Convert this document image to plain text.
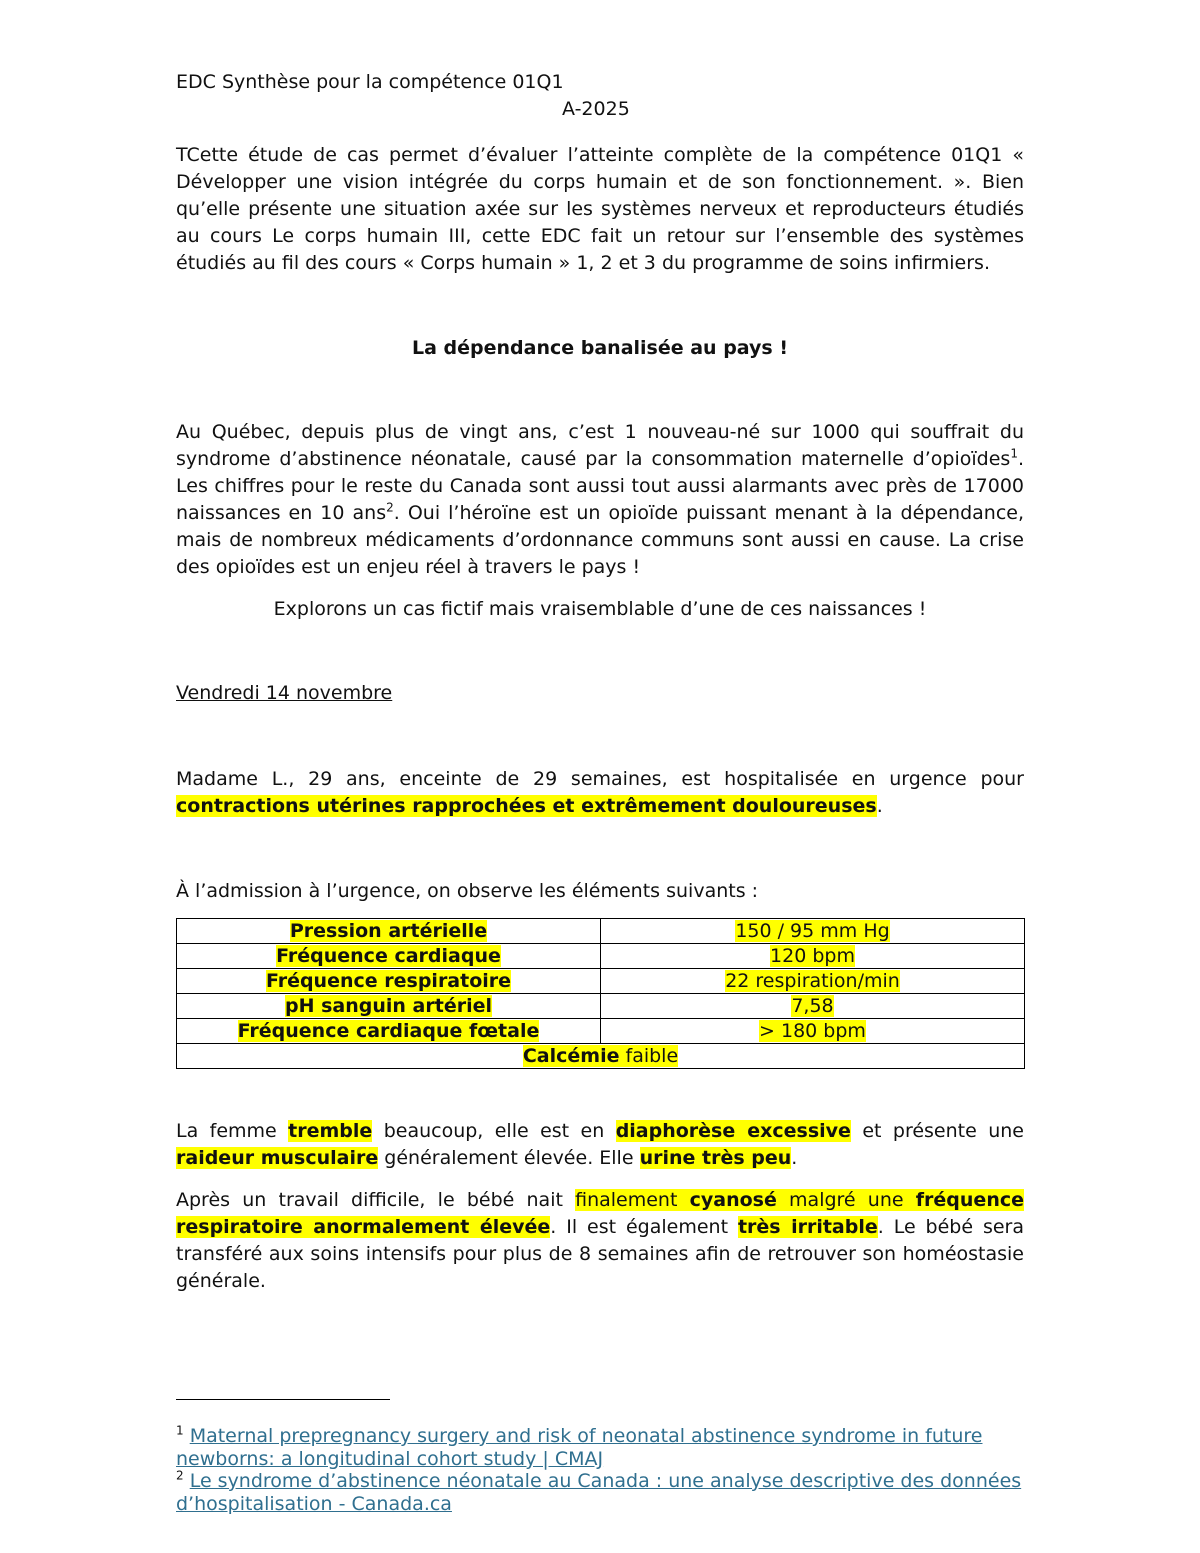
EDC Synthèse pour la compétence 01Q1

A-2025

TCette étude de cas permet d’évaluer l’atteinte complète de la compétence 01Q1 « Développer une vision intégrée du corps humain et de son fonctionnement. ». Bien qu’elle présente une situation axée sur les systèmes nerveux et reproducteurs étudiés au cours Le corps humain III, cette EDC fait un retour sur l’ensemble des systèmes étudiés au fil des cours « Corps humain » 1, 2 et 3 du programme de soins infirmiers.

La dépendance banalisée au pays !

Au Québec, depuis plus de vingt ans, c’est 1 nouveau-né sur 1000 qui souffrait du syndrome d’abstinence néonatale, causé par la consommation maternelle d’opioïdes$^1$. Les chiffres pour le reste du Canada sont aussi tout aussi alarmants avec près de 17000 naissances en 10 ans$^2$. Oui l’héroïne est un opioïde puissant menant à la dépendance, mais de nombreux médicaments d’ordonnance communs sont aussi en cause. La crise des opioïdes est un enjeu réel à travers le pays !

Explorons un cas fictif mais vraisemblable d’une de ces naissances !

Vendredi 14 novembre

Madame L., 29 ans, enceinte de 29 semaines, est hospitalisée en urgence pour contractions utérines rapprochées et extrêmement douloureuses.

À l’admission à l’urgence, on observe les éléments suivants :

Pression artérielle	150 / 95 mm Hg
Fréquence cardiaque	120 bpm
Fréquence respiratoire	22 respiration/min
pH sanguin artériel	7,58
Fréquence cardiaque fœtale	> 180 bpm
Calcémie faible	

La femme tremble beaucoup, elle est en diaphorèse excessive et présente une raideur musculaire généralement élevée. Elle urine très peu.

Après un travail difficile, le bébé nait finalement cyanosé malgré une fréquence respiratoire anormalement élevée. Il est également très irritable. Le bébé sera transféré aux soins intensifs pour plus de 8 semaines afin de retrouver son homéostasie générale.

$^1$ Maternal prepregnancy surgery and risk of neonatal abstinence syndrome in future newborns: a longitudinal cohort study | CMAJ

$^2$ Le syndrome d’abstinence néonatale au Canada : une analyse descriptive des données d’hospitalisation - Canada.ca
